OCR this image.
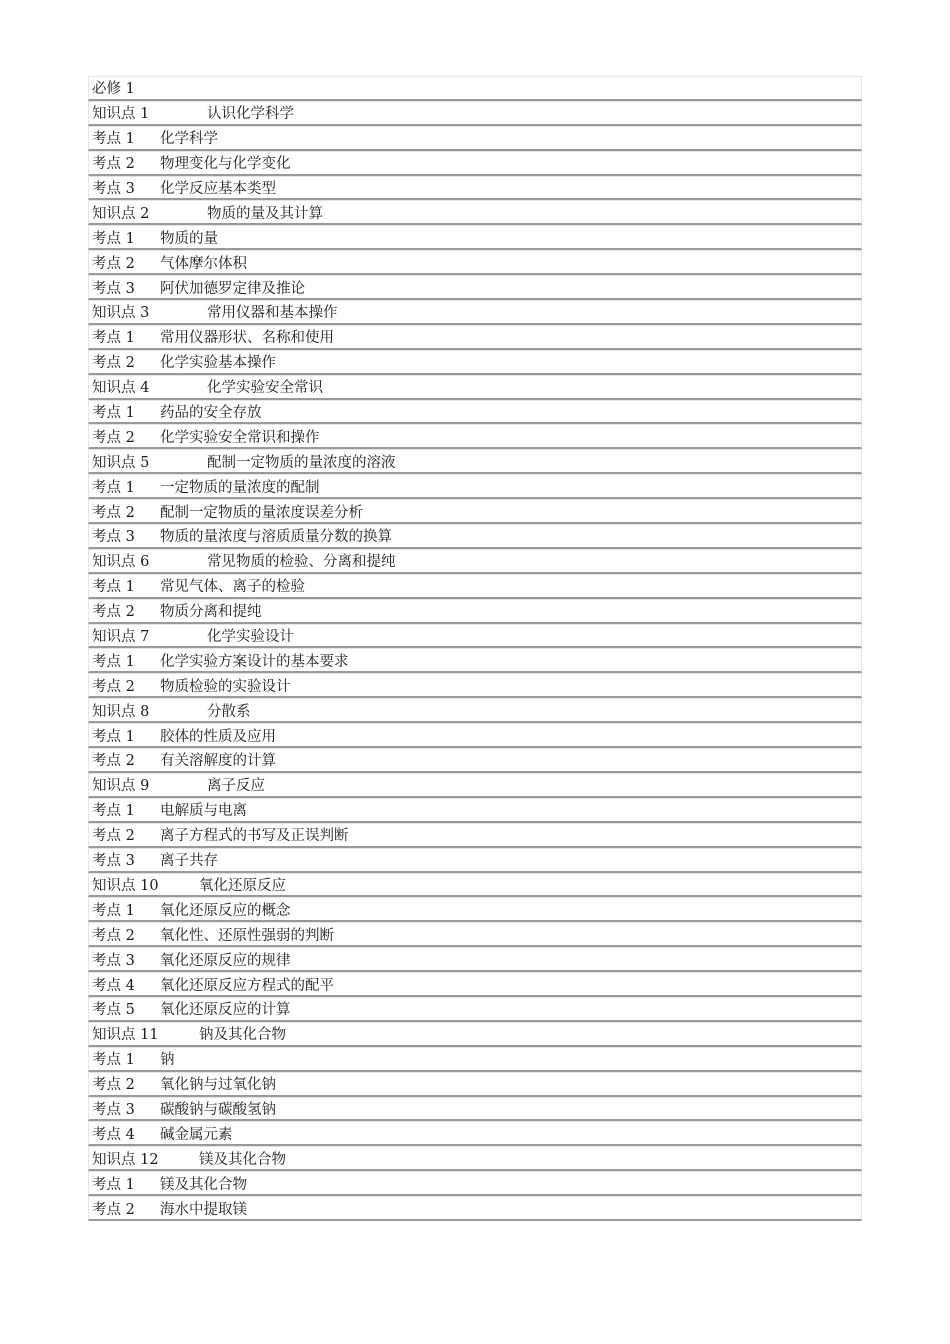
必修 1
知识点 1	认识化学科学
考点 1	化学科学
考点 2	物理变化与化学变化
考点 3	化学反应基本类型
知识点 2	物质的量及其计算
考点 1	物质的量
考点 2	气体摩尔体积
考点 3	阿伏加德罗定律及推论
知识点 3	常用仪器和基本操作
考点 1	常用仪器形状、名称和使用
考点 2	化学实验基本操作
知识点 4	化学实验安全常识
考点 1	药品的安全存放
考点 2	化学实验安全常识和操作
知识点 5	配制一定物质的量浓度的溶液
考点 1	一定物质的量浓度的配制
考点 2	配制一定物质的量浓度误差分析
考点 3	物质的量浓度与溶质质量分数的换算
知识点 6	常见物质的检验、分离和提纯
考点 1	常见气体、离子的检验
考点 2	物质分离和提纯
知识点 7	化学实验设计
考点 1	化学实验方案设计的基本要求
考点 2	物质检验的实验设计
知识点 8	分散系
考点 1	胶体的性质及应用
考点 2	有关溶解度的计算
知识点 9	离子反应
考点 1	电解质与电离
考点 2	离子方程式的书写及正误判断
考点 3	离子共存
知识点 10	氧化还原反应
考点 1	氧化还原反应的概念
考点 2	氧化性、还原性强弱的判断
考点 3	氧化还原反应的规律
考点 4	氧化还原反应方程式的配平
考点 5	氧化还原反应的计算
知识点 11	钠及其化合物
考点 1	钠
考点 2	氧化钠与过氧化钠
考点 3	碳酸钠与碳酸氢钠
考点 4	碱金属元素
知识点 12	镁及其化合物
考点 1	镁及其化合物
考点 2	海水中提取镁
